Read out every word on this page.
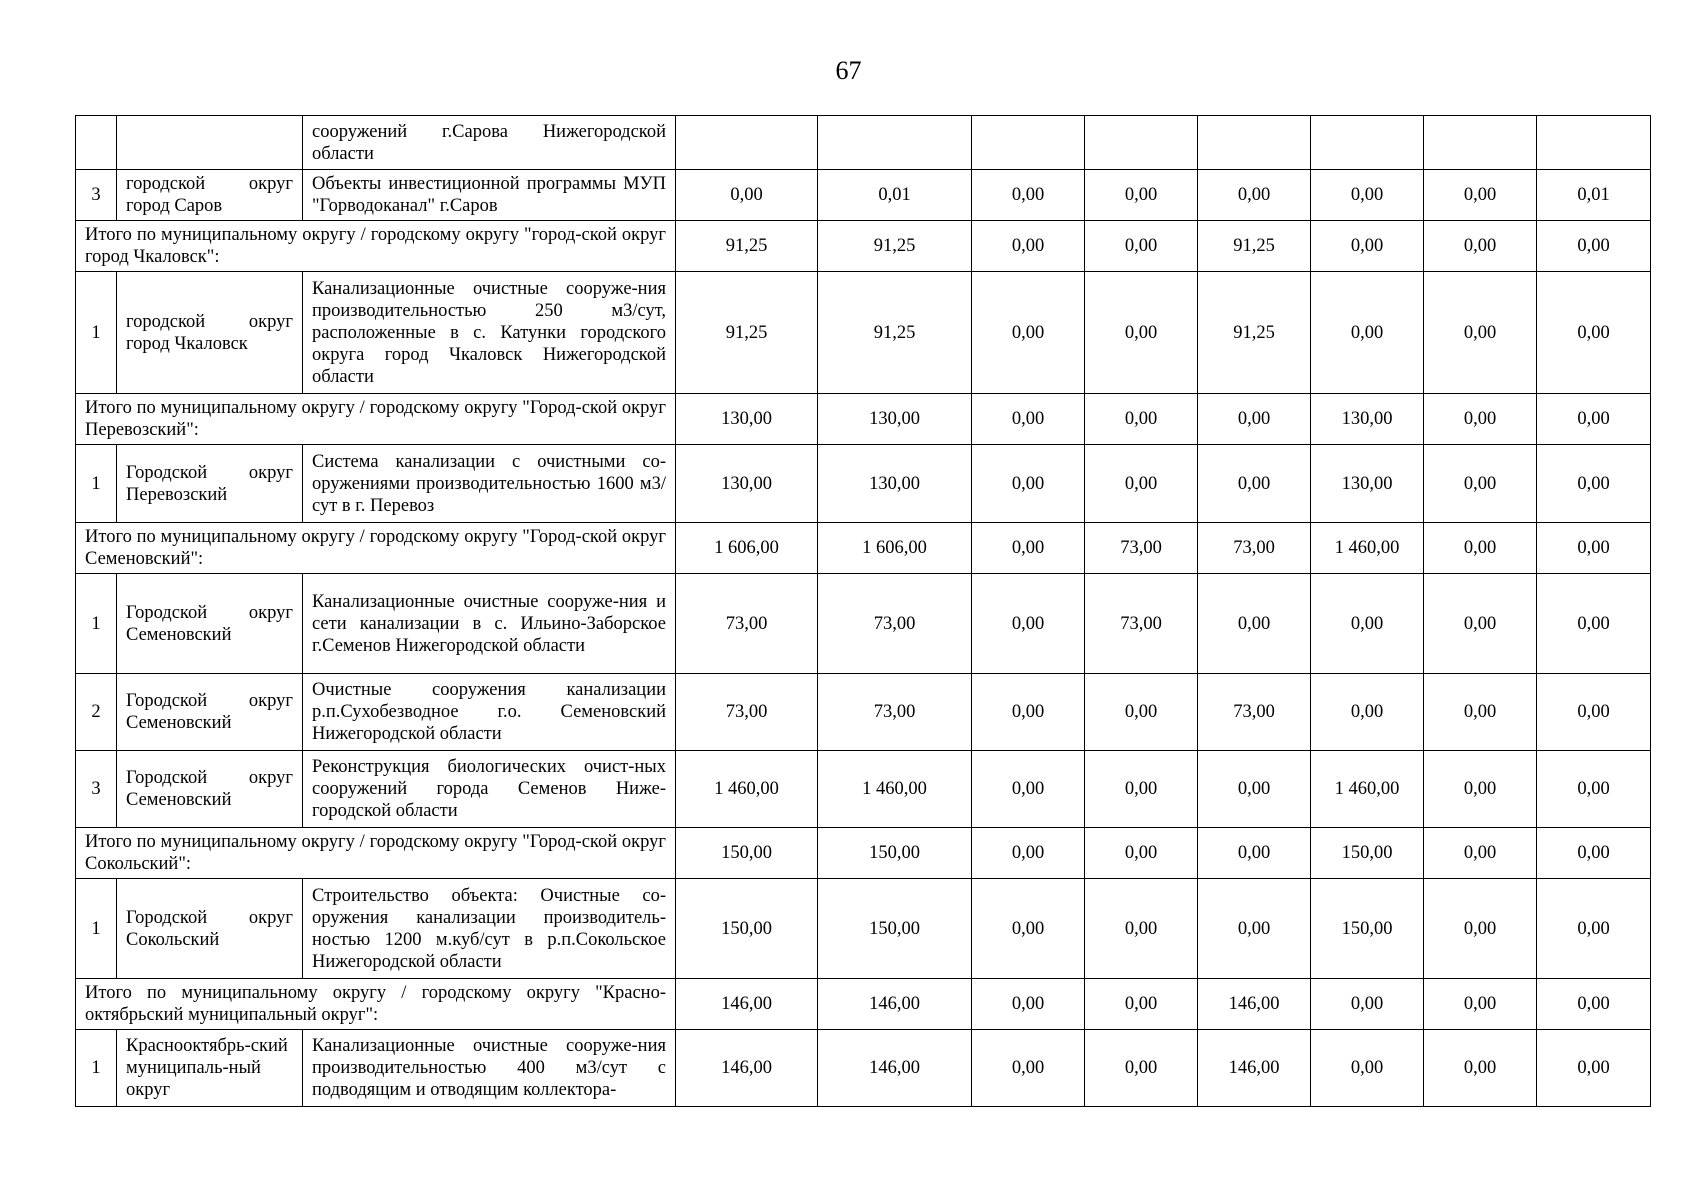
67
		сооружений г.Сарова Нижегородской области								
3	городской округ город Саров	Объекты инвестиционной программы МУП "Горводоканал" г.Саров	0,00	0,01	0,00	0,00	0,00	0,00	0,00	0,01
Итого по муниципальному округу / городскому округу "город-ской округ город Чкаловск":			91,25	91,25	0,00	0,00	91,25	0,00	0,00	0,00
1	городской округ город Чкаловск	Канализационные очистные сооруже-ния производительностью 250 м3/сут, расположенные в с. Катунки городского округа город Чкаловск Нижегородской области	91,25	91,25	0,00	0,00	91,25	0,00	0,00	0,00
Итого по муниципальному округу / городскому округу "Город-ской округ Перевозский":			130,00	130,00	0,00	0,00	0,00	130,00	0,00	0,00
1	Городской округ Перевозский	Система канализации с очистными со-оружениями производительностью 1600 м3/сут в г. Перевоз	130,00	130,00	0,00	0,00	0,00	130,00	0,00	0,00
Итого по муниципальному округу / городскому округу "Город-ской округ Семеновский":			1 606,00	1 606,00	0,00	73,00	73,00	1 460,00	0,00	0,00
1	Городской округ Семеновский	Канализационные очистные сооруже-ния и сети канализации в с. Ильино-Заборское г.Семенов Нижегородской области	73,00	73,00	0,00	73,00	0,00	0,00	0,00	0,00
2	Городской округ Семеновский	Очистные сооружения канализации р.п.Сухобезводное г.о. Семеновский Нижегородской области	73,00	73,00	0,00	0,00	73,00	0,00	0,00	0,00
3	Городской округ Семеновский	Реконструкция биологических очист-ных сооружений города Семенов Ниже-городской области	1 460,00	1 460,00	0,00	0,00	0,00	1 460,00	0,00	0,00
Итого по муниципальному округу / городскому округу "Город-ской округ Сокольский":			150,00	150,00	0,00	0,00	0,00	150,00	0,00	0,00
1	Городской округ Сокольский	Строительство объекта: Очистные со-оружения канализации производитель-ностью 1200 м.куб/сут в р.п.Сокольское Нижегородской области	150,00	150,00	0,00	0,00	0,00	150,00	0,00	0,00
Итого по муниципальному округу / городскому округу "Красно-октябрьский муниципальный округ":			146,00	146,00	0,00	0,00	146,00	0,00	0,00	0,00
1	Краснооктябрь-ский муниципаль-ный округ	Канализационные очистные сооруже-ния производительностью 400 м3/сут с подводящим и отводящим коллектора-	146,00	146,00	0,00	0,00	146,00	0,00	0,00	0,00
